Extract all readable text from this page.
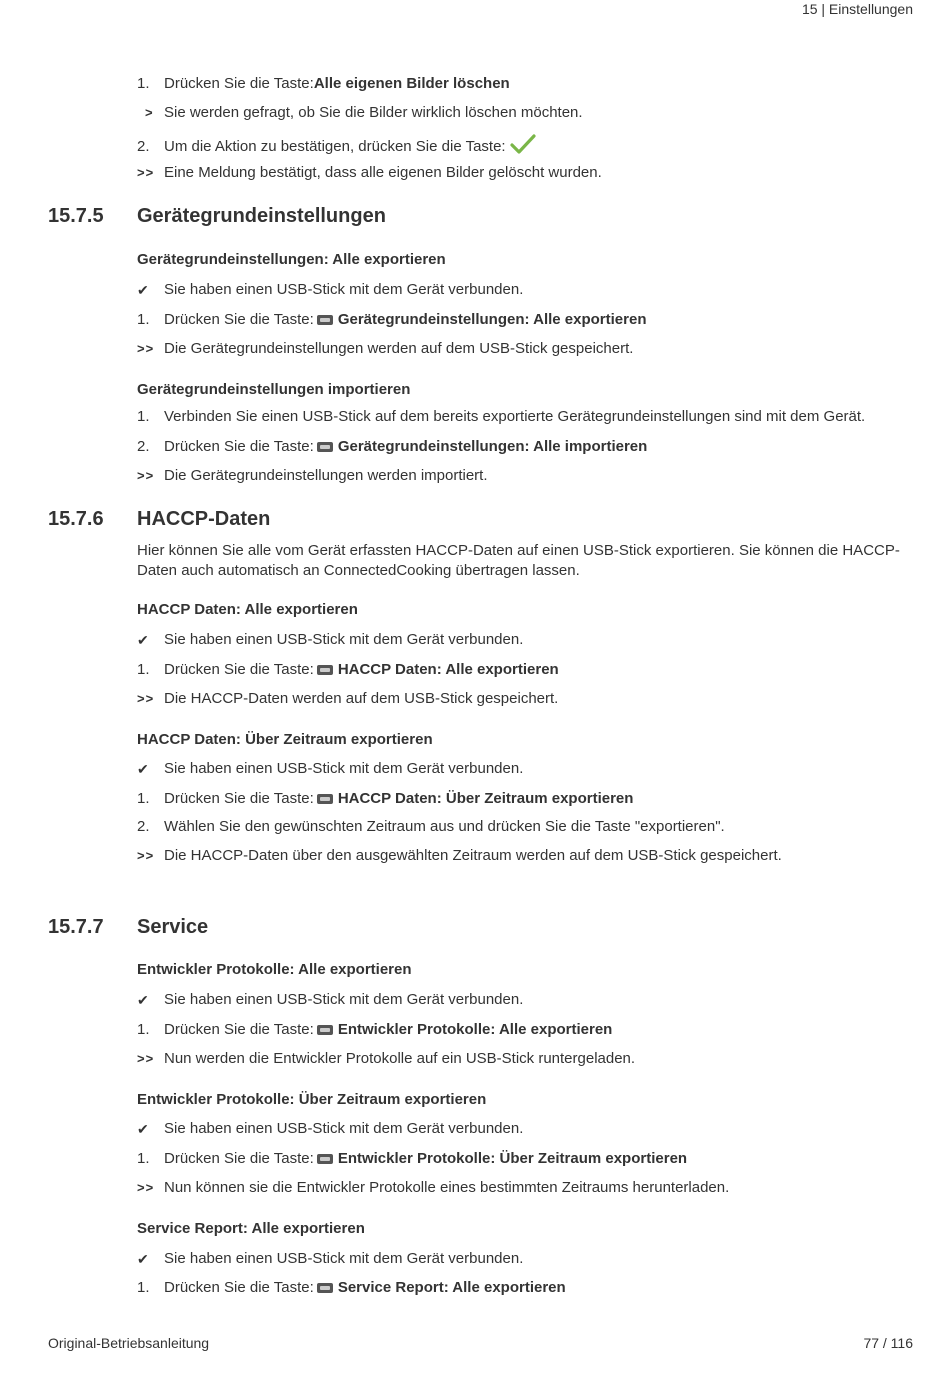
15 | Einstellungen
1. Drücken Sie die Taste: Alle eigenen Bilder löschen
> Sie werden gefragt, ob Sie die Bilder wirklich löschen möchten.
2. Um die Aktion zu bestätigen, drücken Sie die Taste:
>> Eine Meldung bestätigt, dass alle eigenen Bilder gelöscht wurden.
15.7.5 Gerätegrundeinstellungen
Gerätegrundeinstellungen: Alle exportieren
✔	Sie haben einen USB-Stick mit dem Gerät verbunden.
1. Drücken Sie die Taste: Gerätegrundeinstellungen: Alle exportieren
>> Die Gerätegrundeinstellungen werden auf dem USB-Stick gespeichert.
Gerätegrundeinstellungen importieren
1. Verbinden Sie einen USB-Stick auf dem bereits exportierte Gerätegrundeinstellungen sind mit dem Gerät.
2. Drücken Sie die Taste: Gerätegrundeinstellungen: Alle importieren
>> Die Gerätegrundeinstellungen werden importiert.
15.7.6 HACCP-Daten
Hier können Sie alle vom Gerät erfassten HACCP-Daten auf einen USB-Stick exportieren. Sie können die HACCP-Daten auch automatisch an ConnectedCooking übertragen lassen.
HACCP Daten: Alle exportieren
✔	Sie haben einen USB-Stick mit dem Gerät verbunden.
1. Drücken Sie die Taste: HACCP Daten: Alle exportieren
>> Die HACCP-Daten werden auf dem USB-Stick gespeichert.
HACCP Daten: Über Zeitraum exportieren
✔	Sie haben einen USB-Stick mit dem Gerät verbunden.
1. Drücken Sie die Taste: HACCP Daten: Über Zeitraum exportieren
2. Wählen Sie den gewünschten Zeitraum aus und drücken Sie die Taste "exportieren".
>> Die HACCP-Daten über den ausgewählten Zeitraum werden auf dem USB-Stick gespeichert.
15.7.7 Service
Entwickler Protokolle: Alle exportieren
✔	Sie haben einen USB-Stick mit dem Gerät verbunden.
1. Drücken Sie die Taste: Entwickler Protokolle: Alle exportieren
>> Nun werden die Entwickler Protokolle auf ein USB-Stick runtergeladen.
Entwickler Protokolle: Über Zeitraum exportieren
✔	Sie haben einen USB-Stick mit dem Gerät verbunden.
1. Drücken Sie die Taste: Entwickler Protokolle: Über Zeitraum exportieren
>> Nun können sie die Entwickler Protokolle eines bestimmten Zeitraums herunterladen.
Service Report: Alle exportieren
✔	Sie haben einen USB-Stick mit dem Gerät verbunden.
1. Drücken Sie die Taste: Service Report: Alle exportieren
Original-Betriebsanleitung	77 / 116
